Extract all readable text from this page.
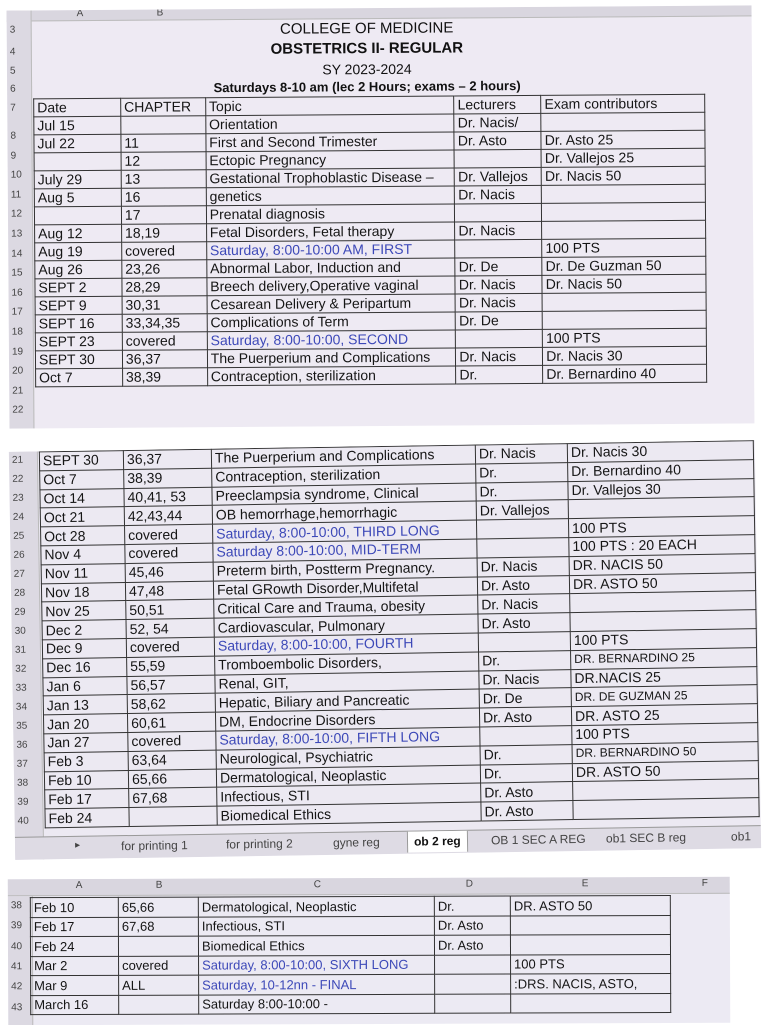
A	B
8
9
10
11
12
13
14
15
16
17
18
19
20
21
22
3
4
5
6
7
COLLEGE OF MEDICINE
OBSTETRICS II- REGULAR
SY 2023-2024
Saturdays 8-10 am (lec 2 Hours; exams – 2 hours)
Date	CHAPTER	Topic	Lecturers	Exam contributors
Jul 15		Orientation	Dr. Nacis/	
Jul 22	11	First and Second Trimester	Dr. Asto	Dr. Asto 25
	12	Ectopic Pregnancy		Dr. Vallejos 25
July 29	13	Gestational Trophoblastic Disease –	Dr. Vallejos	Dr. Nacis 50
Aug 5	16	genetics	Dr. Nacis	
	17	Prenatal diagnosis		
Aug 12	18,19	Fetal Disorders, Fetal therapy	Dr. Nacis	
Aug 19	covered	Saturday, 8:00-10:00 AM, FIRST		100 PTS
Aug 26	23,26	Abnormal Labor, Induction and	Dr. De	Dr. De Guzman 50
SEPT 2	28,29	Breech delivery,Operative vaginal	Dr. Nacis	Dr. Nacis 50
SEPT 9	30,31	Cesarean Delivery & Peripartum	Dr. Nacis	
SEPT 16	33,34,35	Complications of Term	Dr. De	
SEPT 23	covered	Saturday, 8:00-10:00, SECOND		100 PTS
SEPT 30	36,37	The Puerperium and Complications	Dr. Nacis	Dr. Nacis 30
Oct 7	38,39	Contraception, sterilization	Dr.	Dr. Bernardino 40
21
22
23
24
25
26
27
28
29
30
31
32
33
34
35
36
37
38
39
40
SEPT 30	36,37	The Puerperium and Complications	Dr. Nacis	Dr. Nacis 30
Oct 7	38,39	Contraception, sterilization	Dr.	Dr. Bernardino 40
Oct 14	40,41, 53	Preeclampsia syndrome, Clinical	Dr.	Dr. Vallejos 30
Oct 21	42,43,44	OB hemorrhage,hemorrhagic	Dr. Vallejos	
Oct 28	covered	Saturday, 8:00-10:00, THIRD LONG		100 PTS
Nov 4	covered	Saturday 8:00-10:00, MID-TERM		100 PTS : 20 EACH
Nov 11	45,46	Preterm birth, Postterm Pregnancy.	Dr. Nacis	DR. NACIS 50
Nov 18	47,48	Fetal GRowth Disorder,Multifetal	Dr. Asto	DR. ASTO 50
Nov 25	50,51	Critical Care and Trauma, obesity	Dr. Nacis	
Dec 2	52, 54	Cardiovascular, Pulmonary	Dr. Asto	
Dec 9	covered	Saturday, 8:00-10:00, FOURTH		100 PTS
Dec 16	55,59	Tromboembolic Disorders,	Dr.	DR. BERNARDINO 25
Jan 6	56,57	Renal, GIT,	Dr. Nacis	DR.NACIS 25
Jan 13	58,62	Hepatic, Biliary and Pancreatic	Dr. De	DR. DE GUZMAN 25
Jan 20	60,61	DM, Endocrine Disorders	Dr. Asto	DR. ASTO 25
Jan 27	covered	Saturday, 8:00-10:00, FIFTH LONG		100 PTS
Feb 3	63,64	Neurological, Psychiatric	Dr.	DR. BERNARDINO 50
Feb 10	65,66	Dermatological, Neoplastic	Dr.	DR. ASTO 50
Feb 17	67,68	Infectious, STI	Dr. Asto	
Feb 24		Biomedical Ethics	Dr. Asto	
▸	for printing 1	for printing 2	gyne reg	ob 2 reg	OB 1 SEC A REG	ob1 SEC B reg	ob1
A	B	C	D	E	F
38
39
40
41
42
43
Feb 10	65,66	Dermatological, Neoplastic	Dr.	DR. ASTO 50
Feb 17	67,68	Infectious, STI	Dr. Asto	
Feb 24		Biomedical Ethics	Dr. Asto	
Mar 2	covered	Saturday, 8:00-10:00, SIXTH LONG		100 PTS
Mar 9	ALL	Saturday, 10-12nn - FINAL		:DRS. NACIS, ASTO,
March 16		Saturday 8:00-10:00 -		
